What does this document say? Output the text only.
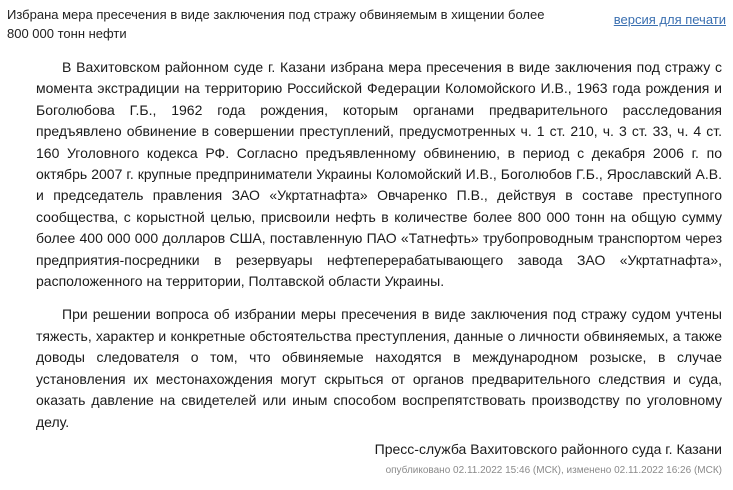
Избрана мера пресечения в виде заключения под стражу обвиняемым в хищении более 800 000 тонн нефти
версия для печати

В Вахитовском районном суде г. Казани избрана мера пресечения в виде заключения под стражу с момента экстрадиции на территорию Российской Федерации Коломойского И.В., 1963 года рождения и Боголюбова Г.Б., 1962 года рождения, которым органами предварительного расследования предъявлено обвинение в совершении преступлений, предусмотренных ч. 1 ст. 210, ч. 3 ст. 33, ч. 4 ст. 160 Уголовного кодекса РФ. Согласно предъявленному обвинению, в период с декабря 2006 г. по октябрь 2007 г. крупные предприниматели Украины Коломойский И.В., Боголюбов Г.Б., Ярославский А.В. и председатель правления ЗАО «Укртатнафта» Овчаренко П.В., действуя в составе преступного сообщества, с корыстной целью, присвоили нефть в количестве более 800 000 тонн на общую сумму более 400 000 000 долларов США, поставленную ПАО «Татнефть» трубопроводным транспортом через предприятия-посредники в резервуары нефтеперерабатывающего завода ЗАО «Укртатнафта», расположенного на территории, Полтавской области Украины.

При решении вопроса об избрании меры пресечения в виде заключения под стражу судом учтены тяжесть, характер и конкретные обстоятельства преступления, данные о личности обвиняемых, а также доводы следователя о том, что обвиняемые находятся в международном розыске, в случае установления их местонахождения могут скрыться от органов предварительного следствия и суда, оказать давление на свидетелей или иным способом воспрепятствовать производству по уголовному делу.

Пресс-служба Вахитовского районного суда г. Казани
опубликовано 02.11.2022 15:46 (МСК), изменено 02.11.2022 16:26 (МСК)
